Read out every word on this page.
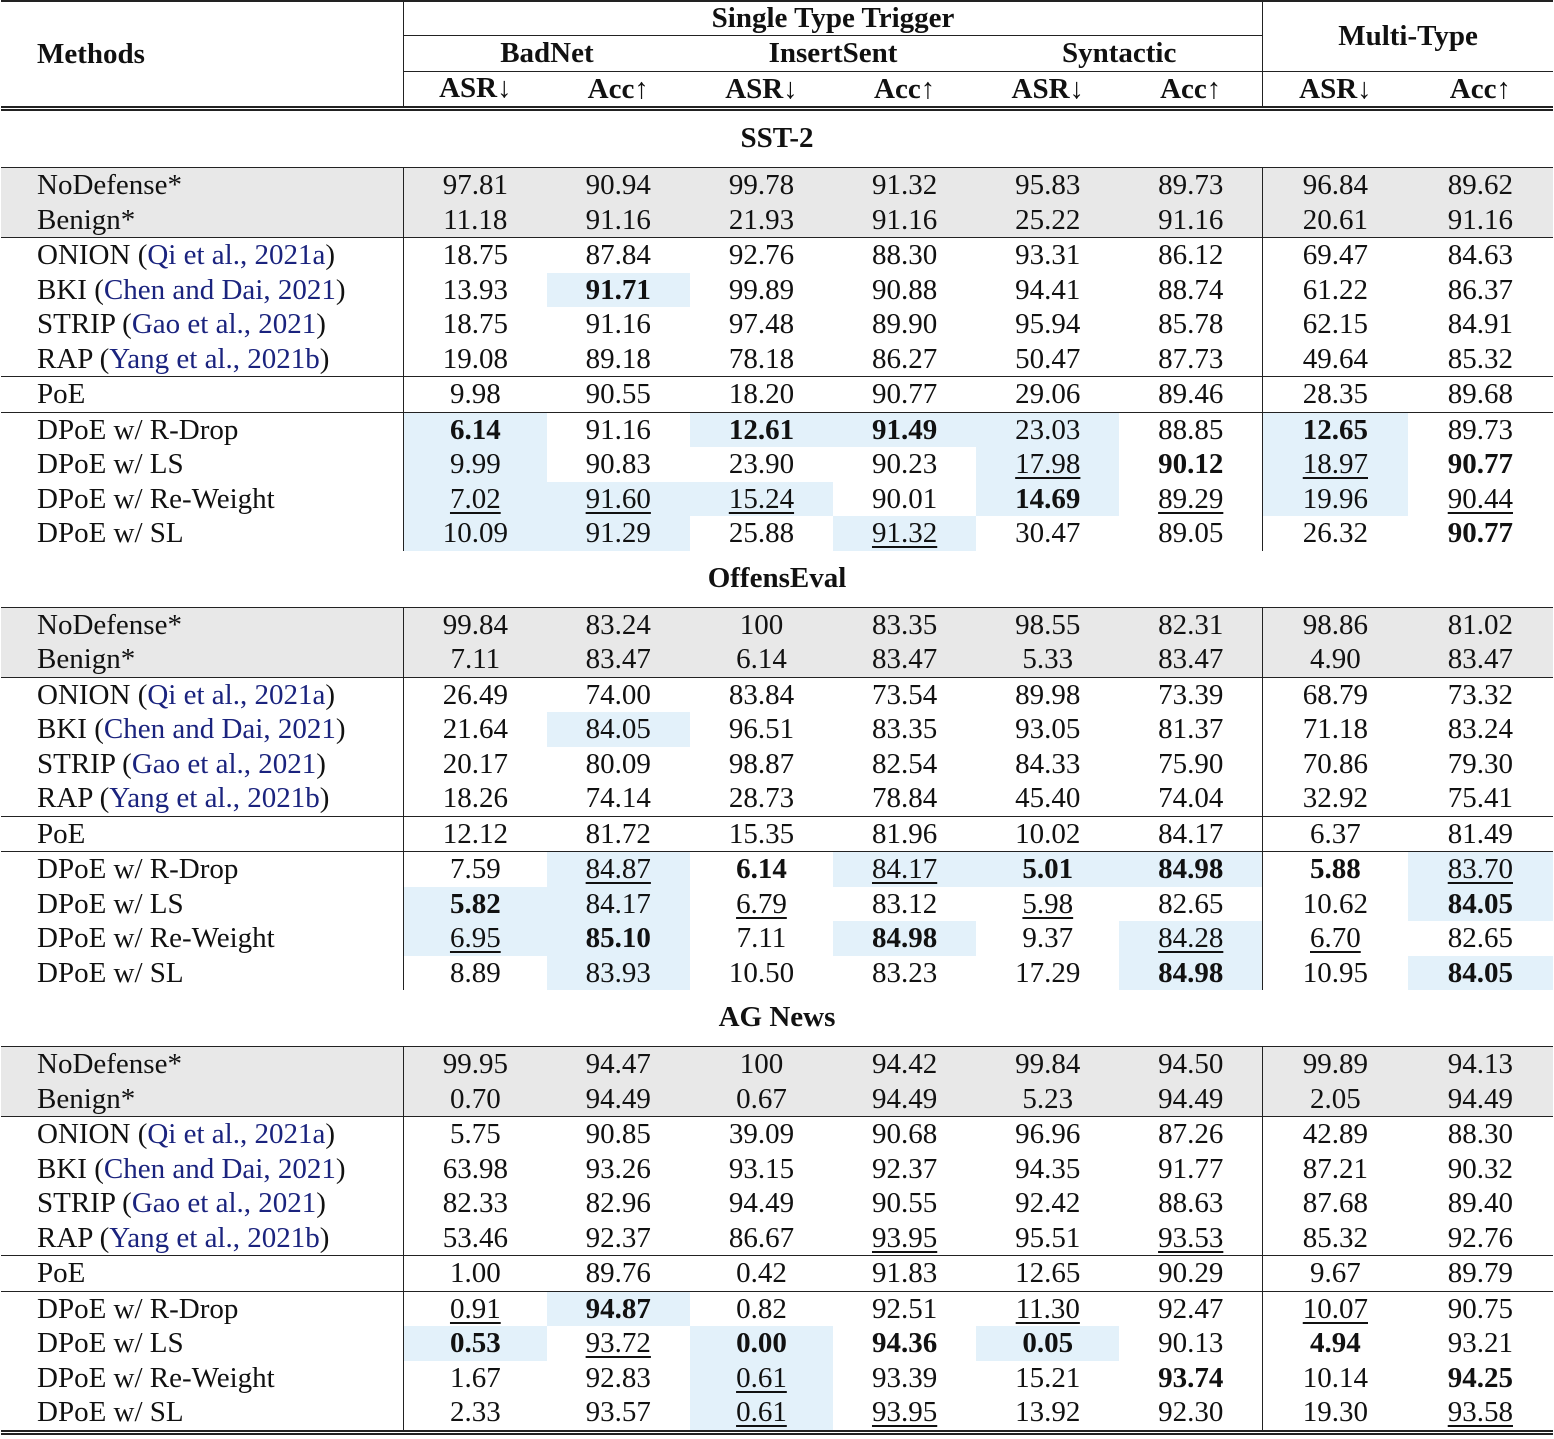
Methods	Single Type Trigger						Multi-Type	
	BadNet		InsertSent		Syntactic			
	ASR↓	Acc↑	ASR↓	Acc↑	ASR↓	Acc↑	ASR↓	Acc↑
SST-2								
NoDefense*	97.81	90.94	99.78	91.32	95.83	89.73	96.84	89.62
Benign*	11.18	91.16	21.93	91.16	25.22	91.16	20.61	91.16
ONION (Qi et al., 2021a)	18.75	87.84	92.76	88.30	93.31	86.12	69.47	84.63
BKI (Chen and Dai, 2021)	13.93	91.71	99.89	90.88	94.41	88.74	61.22	86.37
STRIP (Gao et al., 2021)	18.75	91.16	97.48	89.90	95.94	85.78	62.15	84.91
RAP (Yang et al., 2021b)	19.08	89.18	78.18	86.27	50.47	87.73	49.64	85.32
PoE	9.98	90.55	18.20	90.77	29.06	89.46	28.35	89.68
DPoE w/ R-Drop	6.14	91.16	12.61	91.49	23.03	88.85	12.65	89.73
DPoE w/ LS	9.99	90.83	23.90	90.23	17.98	90.12	18.97	90.77
DPoE w/ Re-Weight	7.02	91.60	15.24	90.01	14.69	89.29	19.96	90.44
DPoE w/ SL	10.09	91.29	25.88	91.32	30.47	89.05	26.32	90.77
OffensEval								
NoDefense*	99.84	83.24	100	83.35	98.55	82.31	98.86	81.02
Benign*	7.11	83.47	6.14	83.47	5.33	83.47	4.90	83.47
ONION (Qi et al., 2021a)	26.49	74.00	83.84	73.54	89.98	73.39	68.79	73.32
BKI (Chen and Dai, 2021)	21.64	84.05	96.51	83.35	93.05	81.37	71.18	83.24
STRIP (Gao et al., 2021)	20.17	80.09	98.87	82.54	84.33	75.90	70.86	79.30
RAP (Yang et al., 2021b)	18.26	74.14	28.73	78.84	45.40	74.04	32.92	75.41
PoE	12.12	81.72	15.35	81.96	10.02	84.17	6.37	81.49
DPoE w/ R-Drop	7.59	84.87	6.14	84.17	5.01	84.98	5.88	83.70
DPoE w/ LS	5.82	84.17	6.79	83.12	5.98	82.65	10.62	84.05
DPoE w/ Re-Weight	6.95	85.10	7.11	84.98	9.37	84.28	6.70	82.65
DPoE w/ SL	8.89	83.93	10.50	83.23	17.29	84.98	10.95	84.05
AG News								
NoDefense*	99.95	94.47	100	94.42	99.84	94.50	99.89	94.13
Benign*	0.70	94.49	0.67	94.49	5.23	94.49	2.05	94.49
ONION (Qi et al., 2021a)	5.75	90.85	39.09	90.68	96.96	87.26	42.89	88.30
BKI (Chen and Dai, 2021)	63.98	93.26	93.15	92.37	94.35	91.77	87.21	90.32
STRIP (Gao et al., 2021)	82.33	82.96	94.49	90.55	92.42	88.63	87.68	89.40
RAP (Yang et al., 2021b)	53.46	92.37	86.67	93.95	95.51	93.53	85.32	92.76
PoE	1.00	89.76	0.42	91.83	12.65	90.29	9.67	89.79
DPoE w/ R-Drop	0.91	94.87	0.82	92.51	11.30	92.47	10.07	90.75
DPoE w/ LS	0.53	93.72	0.00	94.36	0.05	90.13	4.94	93.21
DPoE w/ Re-Weight	1.67	92.83	0.61	93.39	15.21	93.74	10.14	94.25
DPoE w/ SL	2.33	93.57	0.61	93.95	13.92	92.30	19.30	93.58
